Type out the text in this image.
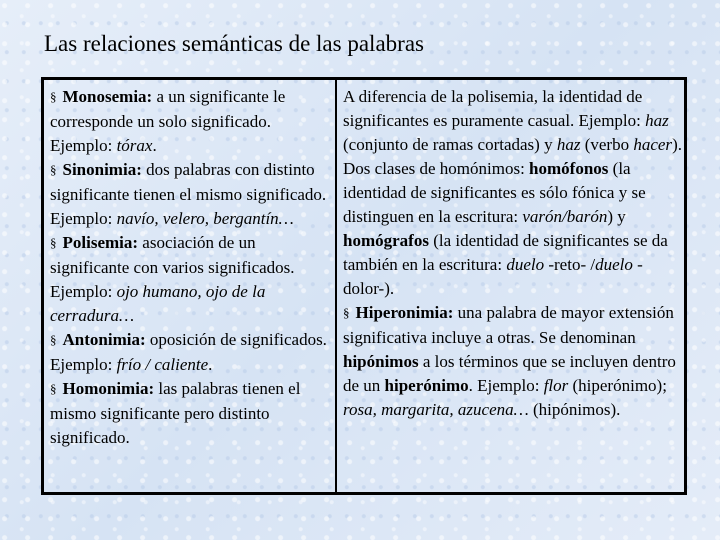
Las relaciones semánticas de las palabras

§ Monosemia: a un significante le corresponde un solo significado. Ejemplo: tórax.

§ Sinonimia: dos palabras con distinto significante tienen el mismo significado. Ejemplo: navío, velero, bergantín…

§ Polisemia: asociación de un significante con varios significados. Ejemplo: ojo humano, ojo de la cerradura…

§ Antonimia: oposición de significados. Ejemplo: frío / caliente.

§ Homonimia: las palabras tienen el mismo significante pero distinto significado.

A diferencia de la polisemia, la identidad de significantes es puramente casual. Ejemplo: haz (conjunto de ramas cortadas) y haz (verbo hacer). Dos clases de homónimos: homófonos (la identidad de significantes es sólo fónica y se distinguen en la escritura: varón/barón) y homógrafos (la identidad de significantes se da también en la escritura: duelo -reto- /duelo -dolor-).

§ Hiperonimia: una palabra de mayor extensión significativa incluye a otras. Se denominan hipónimos a los términos que se incluyen dentro de un hiperónimo. Ejemplo: flor (hiperónimo); rosa, margarita, azucena… (hipónimos).
